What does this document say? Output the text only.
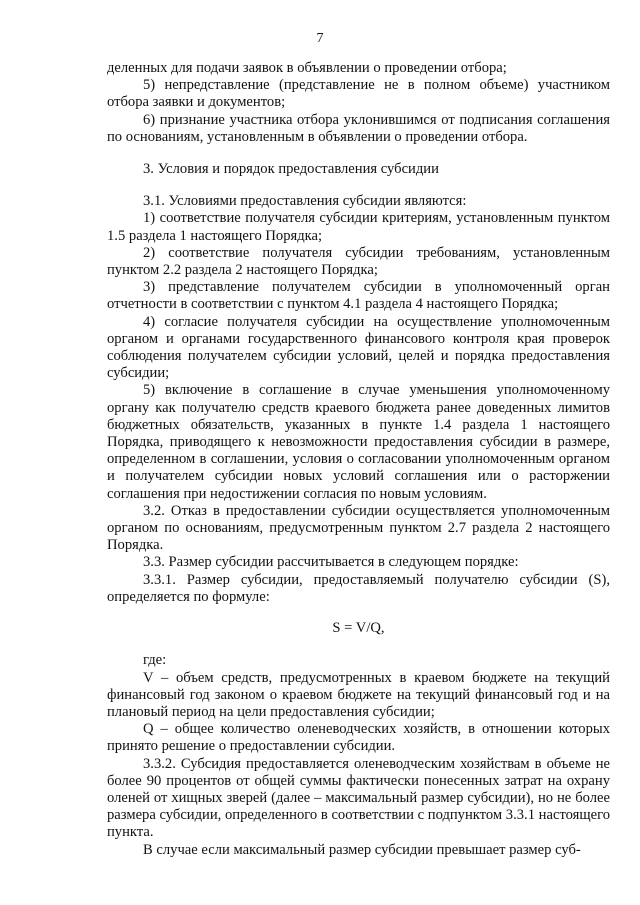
7

деленных для подачи заявок в объявлении о проведении отбора;

5) непредставление (представление не в полном объеме) участником отбора заявки и документов;

6) признание участника отбора уклонившимся от подписания соглашения по основаниям, установленным в объявлении о проведении отбора.

3. Условия и порядок предоставления субсидии

3.1. Условиями предоставления субсидии являются:

1) соответствие получателя субсидии критериям, установленным пунктом 1.5 раздела 1 настоящего Порядка;

2) соответствие получателя субсидии требованиям, установленным пунктом 2.2 раздела 2 настоящего Порядка;

3) представление получателем субсидии в уполномоченный орган отчетности в соответствии с пунктом 4.1 раздела 4 настоящего Порядка;

4) согласие получателя субсидии на осуществление уполномоченным органом и органами государственного финансового контроля края проверок соблюдения получателем субсидии условий, целей и порядка предоставления субсидии;

5) включение в соглашение в случае уменьшения уполномоченному органу как получателю средств краевого бюджета ранее доведенных лимитов бюджетных обязательств, указанных в пункте 1.4 раздела 1 настоящего Порядка, приводящего к невозможности предоставления субсидии в размере, определенном в соглашении, условия о согласовании уполномоченным органом и получателем субсидии новых условий соглашения или о расторжении соглашения при недостижении согласия по новым условиям.

3.2. Отказ в предоставлении субсидии осуществляется уполномоченным органом по основаниям, предусмотренным пунктом 2.7 раздела 2 настоящего Порядка.

3.3. Размер субсидии рассчитывается в следующем порядке:

3.3.1. Размер субсидии, предоставляемый получателю субсидии (S), определяется по формуле:

S = V/Q,

где:

V – объем средств, предусмотренных в краевом бюджете на текущий финансовый год законом о краевом бюджете на текущий финансовый год и на плановый период на цели предоставления субсидии;

Q – общее количество оленеводческих хозяйств, в отношении которых принято решение о предоставлении субсидии.

3.3.2. Субсидия предоставляется оленеводческим хозяйствам в объеме не более 90 процентов от общей суммы фактически понесенных затрат на охрану оленей от хищных зверей (далее – максимальный размер субсидии), но не более размера субсидии, определенного в соответствии с подпунктом 3.3.1 настоящего пункта.

В случае если максимальный размер субсидии превышает размер суб-
